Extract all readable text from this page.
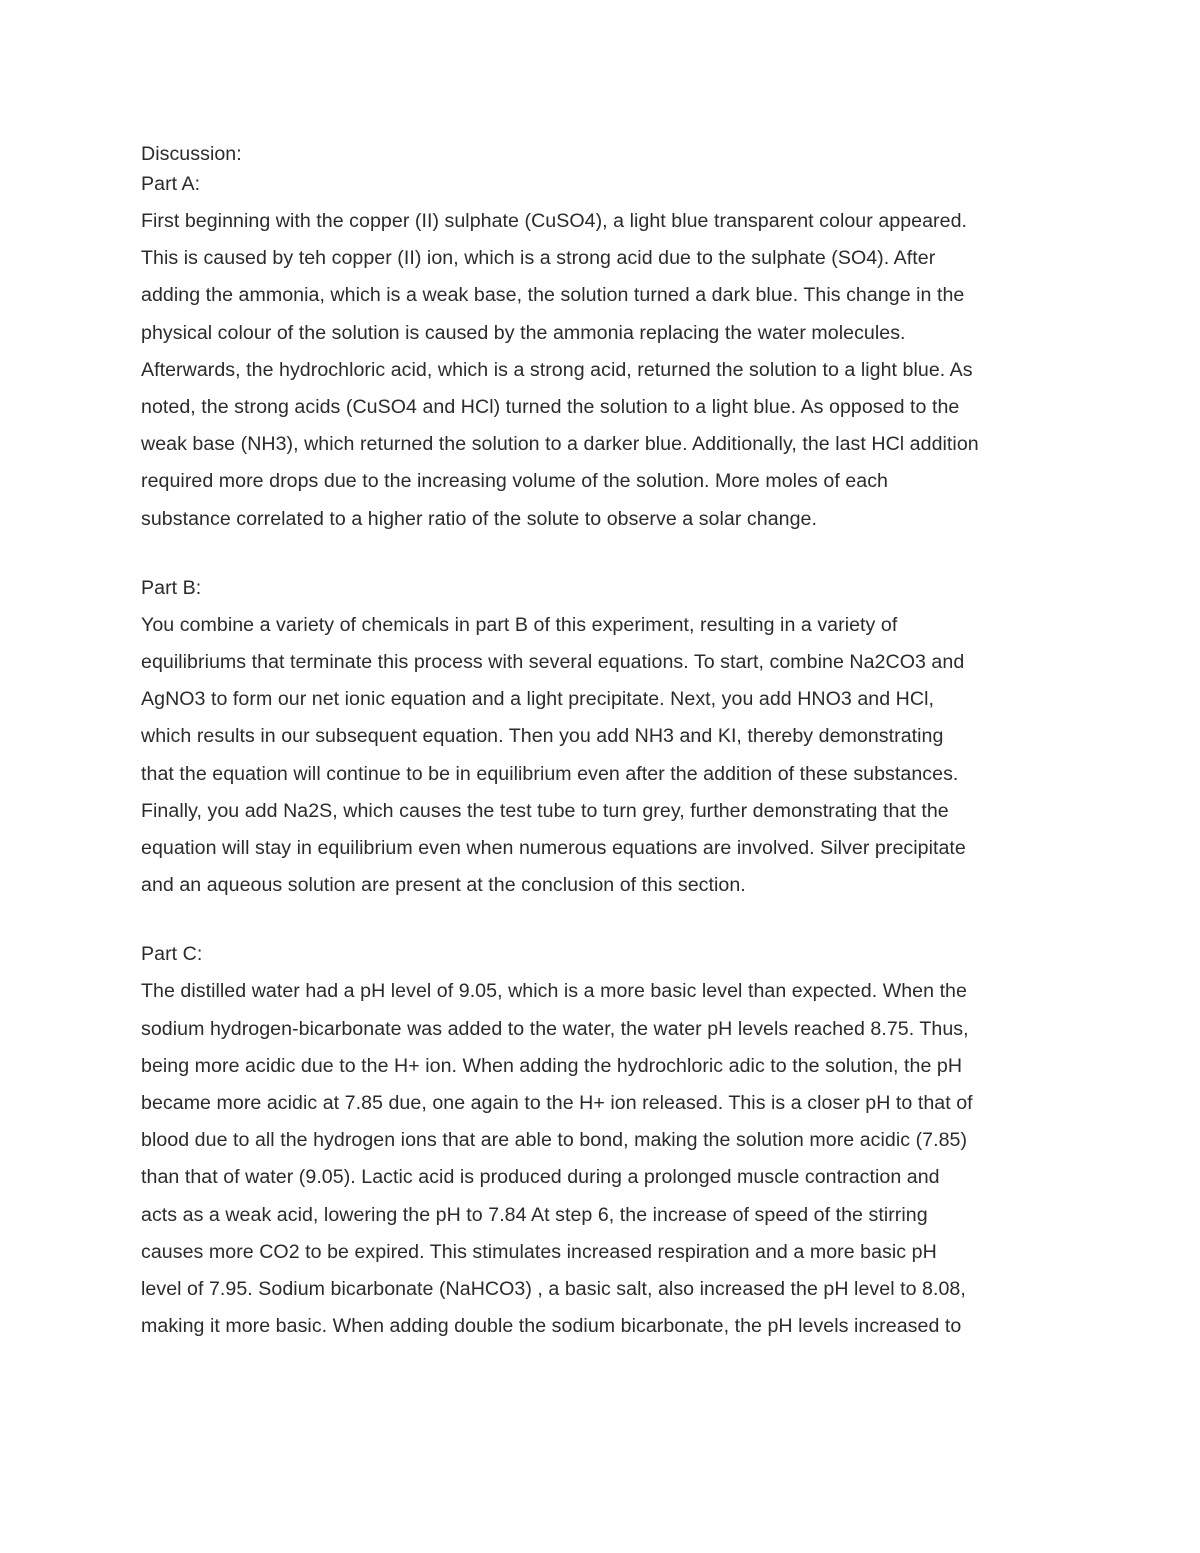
Discussion:
Part A:
First beginning with the copper (II) sulphate (CuSO4), a light blue transparent colour appeared.
This is caused by teh copper (II) ion, which is a strong acid due to the sulphate (SO4). After
adding the ammonia, which is a weak base, the solution turned a dark blue. This change in the
physical colour of the solution is caused by the ammonia replacing the water molecules.
Afterwards, the hydrochloric acid, which is a strong acid, returned the solution to a light blue. As
noted, the strong acids (CuSO4 and HCl) turned the solution to a light blue. As opposed to the
weak base (NH3), which returned the solution to a darker blue. Additionally, the last HCl addition
required more drops due to the increasing volume of the solution. More moles of each
substance correlated to a higher ratio of the solute to observe a solar change.
Part B:
You combine a variety of chemicals in part B of this experiment, resulting in a variety of
equilibriums that terminate this process with several equations. To start, combine Na2CO3 and
AgNO3 to form our net ionic equation and a light precipitate. Next, you add HNO3 and HCl,
which results in our subsequent equation. Then you add NH3 and KI, thereby demonstrating
that the equation will continue to be in equilibrium even after the addition of these substances.
Finally, you add Na2S, which causes the test tube to turn grey, further demonstrating that the
equation will stay in equilibrium even when numerous equations are involved. Silver precipitate
and an aqueous solution are present at the conclusion of this section.
Part C:
The distilled water had a pH level of 9.05, which is a more basic level than expected. When the
sodium hydrogen-bicarbonate was added to the water, the water pH levels reached 8.75. Thus,
being more acidic due to the H+ ion. When adding the hydrochloric adic to the solution, the pH
became more acidic at 7.85 due, one again to the H+ ion released. This is a closer pH to that of
blood due to all the hydrogen ions that are able to bond, making the solution more acidic (7.85)
than that of water (9.05). Lactic acid is produced during a prolonged muscle contraction and
acts as a weak acid, lowering the pH to 7.84 At step 6, the increase of speed of the stirring
causes more CO2 to be expired. This stimulates increased respiration and a more basic pH
level of 7.95. Sodium bicarbonate (NaHCO3) , a basic salt, also increased the pH level to 8.08,
making it more basic. When adding double the sodium bicarbonate, the pH levels increased to
